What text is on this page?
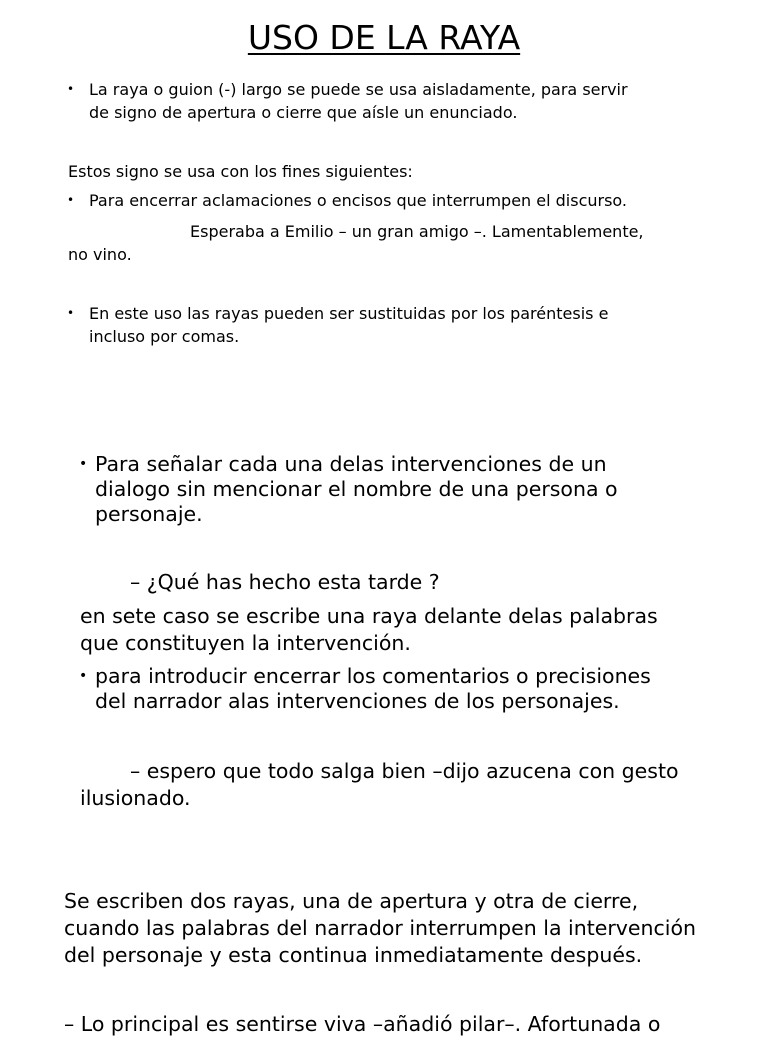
USO DE LA RAYA
• La raya o guion (-) largo se puede se usa aisladamente, para servir
de signo de apertura o cierre que aísle un enunciado.
Estos signo se usa con los fines siguientes:
• Para encerrar aclamaciones o encisos que interrumpen el discurso.
Esperaba a Emilio – un gran amigo –. Lamentablemente,
no vino.
• En este uso las rayas pueden ser sustituidas por los paréntesis e
incluso por comas.
• Para señalar cada una delas intervenciones de un
dialogo sin mencionar el nombre de una persona o
personaje.
– ¿Qué has hecho esta tarde ?
en sete caso se escribe una raya delante delas palabras
que constituyen la intervención.
• para introducir encerrar los comentarios o precisiones
del narrador alas intervenciones de los personajes.
– espero que todo salga bien –dijo azucena con gesto
ilusionado.
Se escriben dos rayas, una de apertura y otra de cierre,
cuando las palabras del narrador interrumpen la intervención
del personaje y esta continua inmediatamente después.
– Lo principal es sentirse viva –añadió pilar–. Afortunada o
